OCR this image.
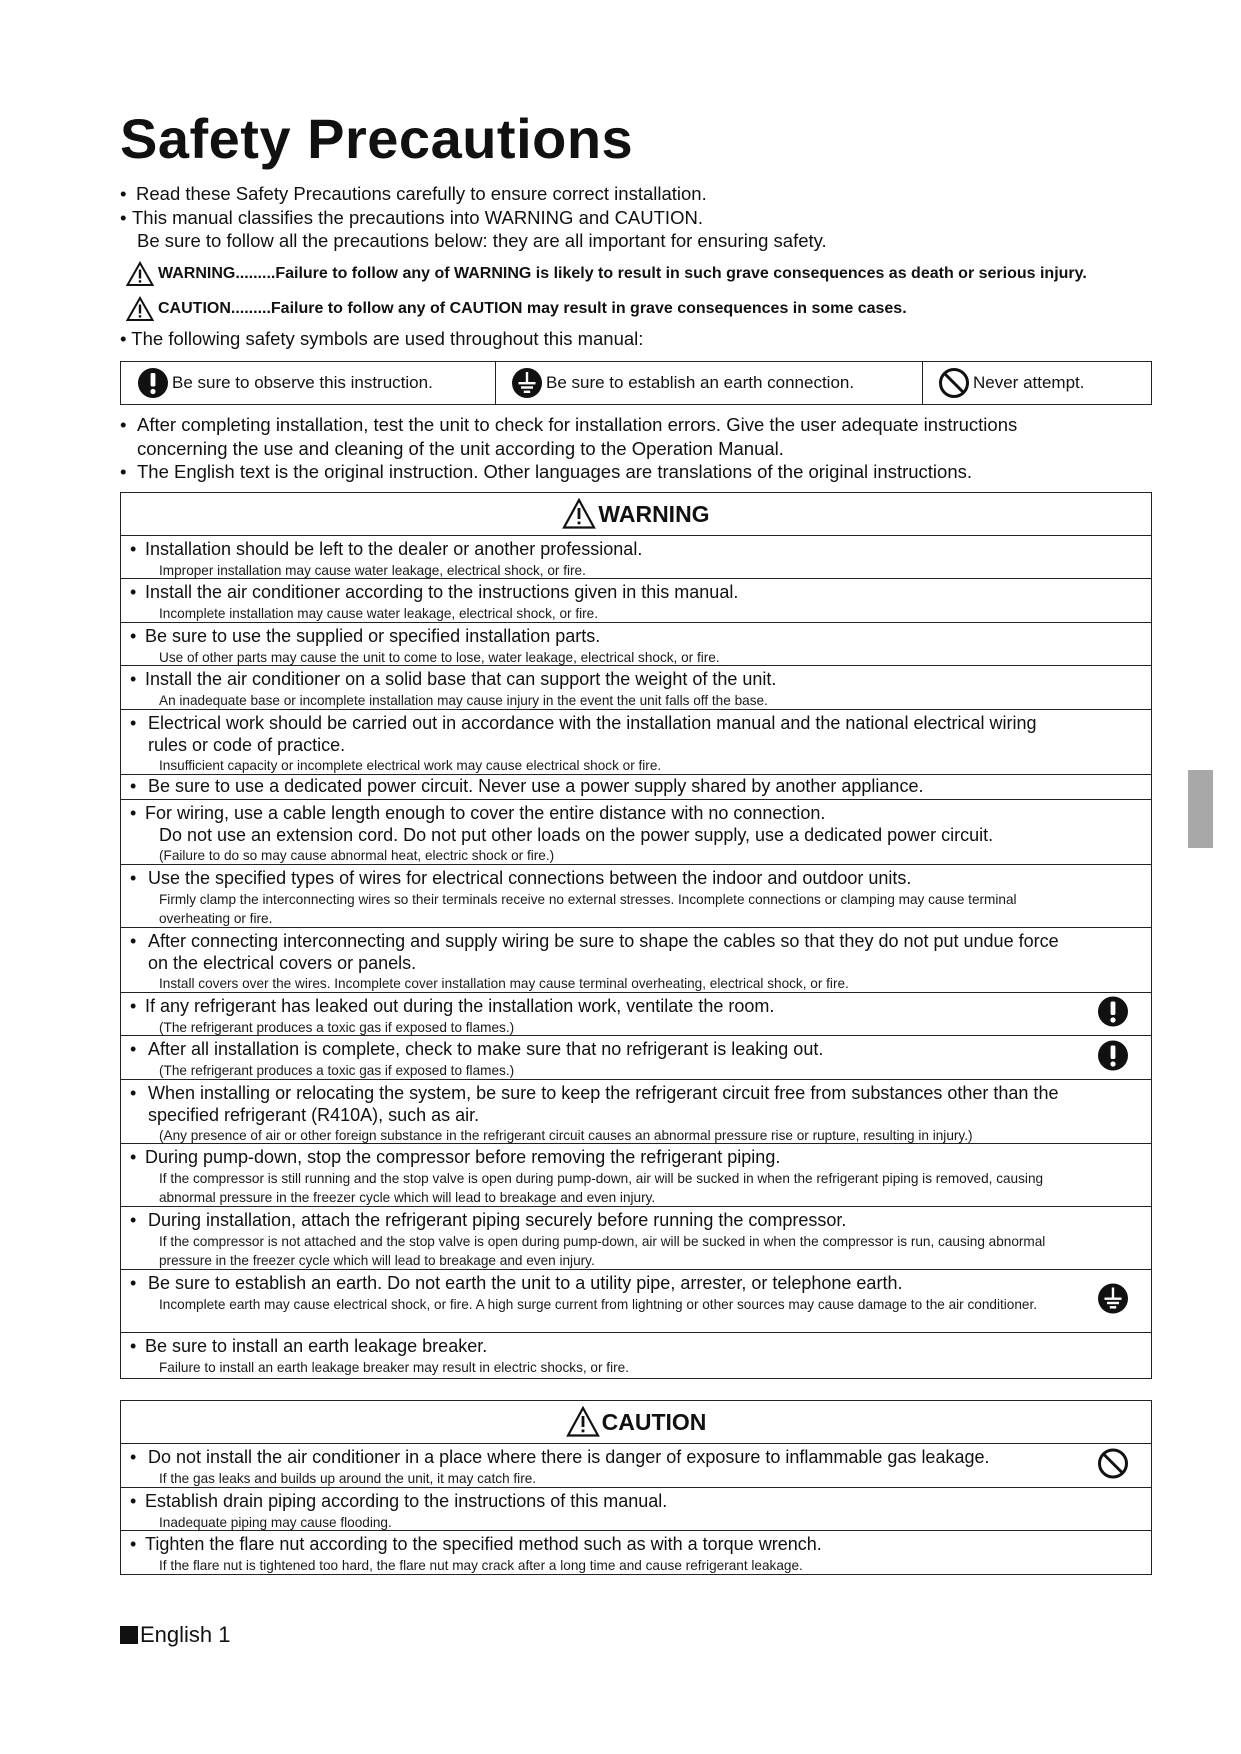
Safety Precautions
• Read these Safety Precautions carefully to ensure correct installation.
• This manual classifies the precautions into WARNING and CAUTION.
Be sure to follow all the precautions below: they are all important for ensuring safety.
WARNING .........Failure to follow any of WARNING is likely to result in such grave consequences as death or serious injury.
CAUTION .........Failure to follow any of CAUTION may result in grave consequences in some cases.
• The following safety symbols are used throughout this manual:
Be sure to observe this instruction.	Be sure to establish an earth connection.	Never attempt.
• After completing installation, test the unit to check for installation errors. Give the user adequate instructions
concerning the use and cleaning of the unit according to the Operation Manual.
• The English text is the original instruction. Other languages are translations of the original instructions.
WARNING
• Installation should be left to the dealer or another professional.
Improper installation may cause water leakage, electrical shock, or fire.
• Install the air conditioner according to the instructions given in this manual.
Incomplete installation may cause water leakage, electrical shock, or fire.
• Be sure to use the supplied or specified installation parts.
Use of other parts may cause the unit to come to lose, water leakage, electrical shock, or fire.
• Install the air conditioner on a solid base that can support the weight of the unit.
An inadequate base or incomplete installation may cause injury in the event the unit falls off the base.
• Electrical work should be carried out in accordance with the installation manual and the national electrical wiring rules or code of practice.
Insufficient capacity or incomplete electrical work may cause electrical shock or fire.
• Be sure to use a dedicated power circuit. Never use a power supply shared by another appliance.
• For wiring, use a cable length enough to cover the entire distance with no connection.
Do not use an extension cord. Do not put other loads on the power supply, use a dedicated power circuit.
(Failure to do so may cause abnormal heat, electric shock or fire.)
• Use the specified types of wires for electrical connections between the indoor and outdoor units.
Firmly clamp the interconnecting wires so their terminals receive no external stresses. Incomplete connections or clamping may cause terminal overheating or fire.
• After connecting interconnecting and supply wiring be sure to shape the cables so that they do not put undue force on the electrical covers or panels.
Install covers over the wires. Incomplete cover installation may cause terminal overheating, electrical shock, or fire.
• If any refrigerant has leaked out during the installation work, ventilate the room.
(The refrigerant produces a toxic gas if exposed to flames.)
• After all installation is complete, check to make sure that no refrigerant is leaking out.
(The refrigerant produces a toxic gas if exposed to flames.)
• When installing or relocating the system, be sure to keep the refrigerant circuit free from substances other than the specified refrigerant (R410A), such as air.
(Any presence of air or other foreign substance in the refrigerant circuit causes an abnormal pressure rise or rupture, resulting in injury.)
• During pump-down, stop the compressor before removing the refrigerant piping.
If the compressor is still running and the stop valve is open during pump-down, air will be sucked in when the refrigerant piping is removed, causing abnormal pressure in the freezer cycle which will lead to breakage and even injury.
• During installation, attach the refrigerant piping securely before running the compressor.
If the compressor is not attached and the stop valve is open during pump-down, air will be sucked in when the compressor is run, causing abnormal pressure in the freezer cycle which will lead to breakage and even injury.
• Be sure to establish an earth. Do not earth the unit to a utility pipe, arrester, or telephone earth.
Incomplete earth may cause electrical shock, or fire. A high surge current from lightning or other sources may cause damage to the air conditioner.
• Be sure to install an earth leakage breaker.
Failure to install an earth leakage breaker may result in electric shocks, or fire.
CAUTION
• Do not install the air conditioner in a place where there is danger of exposure to inflammable gas leakage.
If the gas leaks and builds up around the unit, it may catch fire.
• Establish drain piping according to the instructions of this manual.
Inadequate piping may cause flooding.
• Tighten the flare nut according to the specified method such as with a torque wrench.
If the flare nut is tightened too hard, the flare nut may crack after a long time and cause refrigerant leakage.
English 1
